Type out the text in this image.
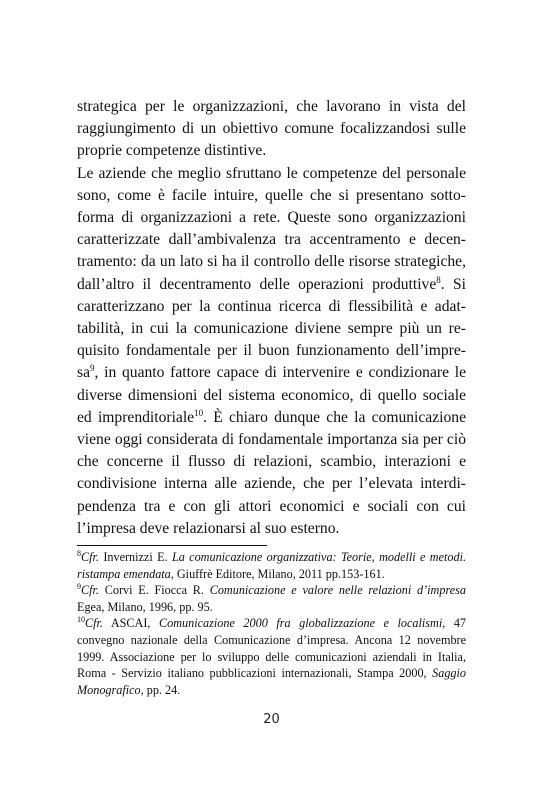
strategica per le organizzazioni, che lavorano in vista del raggiungimento di un obiettivo comune focalizzandosi sulle proprie competenze distintive.

Le aziende che meglio sfruttano le competenze del personale sono, come è facile intuire, quelle che si presentano sottoforma di organizzazioni a rete. Queste sono organizzazioni caratterizzate dall’ambivalenza tra accentramento e decentramento: da un lato si ha il controllo delle risorse strategiche, dall’altro il decentramento delle operazioni produttive$^8$. Si caratterizzano per la continua ricerca di flessibilità e adattabilità, in cui la comunicazione diviene sempre più un requisito fondamentale per il buon funzionamento dell’impresa$^9$, in quanto fattore capace di intervenire e condizionare le diverse dimensioni del sistema economico, di quello sociale ed imprenditoriale$^{10}$. È chiaro dunque che la comunicazione viene oggi considerata di fondamentale importanza sia per ciò che concerne il flusso di relazioni, scambio, interazioni e condivisione interna alle aziende, che per l’elevata interdipendenza tra e con gli attori economici e sociali con cui l’impresa deve relazionarsi al suo esterno.

$^8$Cfr. Invernizzi E. La comunicazione organizzativa: Teorie, modelli e metodi. ristampa emendata, Giuffrè Editore, Milano, 2011 pp.153-161.

$^9$Cfr. Corvi E. Fiocca R. Comunicazione e valore nelle relazioni d’impresa Egea, Milano, 1996, pp. 95.

$^{10}$Cfr. ASCAI, Comunicazione 2000 fra globalizzazione e localismi, 47 convegno nazionale della Comunicazione d’impresa. Ancona 12 novembre 1999. Associazione per lo sviluppo delle comunicazioni aziendali in Italia, Roma - Servizio italiano pubblicazioni internazionali, Stampa 2000, Saggio Monografico, pp. 24.

20
